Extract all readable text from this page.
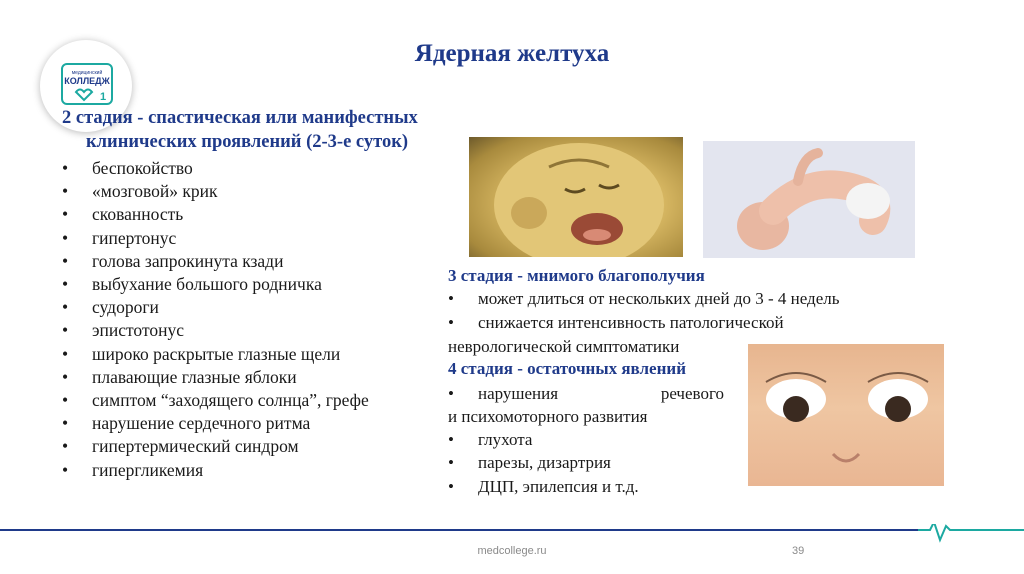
медицинский
КОЛЛЕДЖ
1
Ядерная желтуха
2 стадия - спастическая или манифестных
клинических проявлений (2-3-е суток)
• беспокойство
• «мозговой» крик
• скованность
• гипертонус
• голова запрокинута кзади
• выбухание большого родничка
• судороги
• эпистотонус
• широко раскрытые глазные щели
• плавающие глазные яблоки
• симптом “заходящего солнца”, грефе
• нарушение сердечного ритма
• гипертермический синдром
• гипергликемия
3 стадия - мнимого благополучия
• может длиться от нескольких дней до 3 - 4 недель
• снижается интенсивность патологической
неврологической симптоматики
4 стадия - остаточных явлений
• нарушения	речевого
и психомоторного развития
• глухота
• парезы, дизартрия
• ДЦП, эпилепсия и т.д.
medcollege.ru	39
